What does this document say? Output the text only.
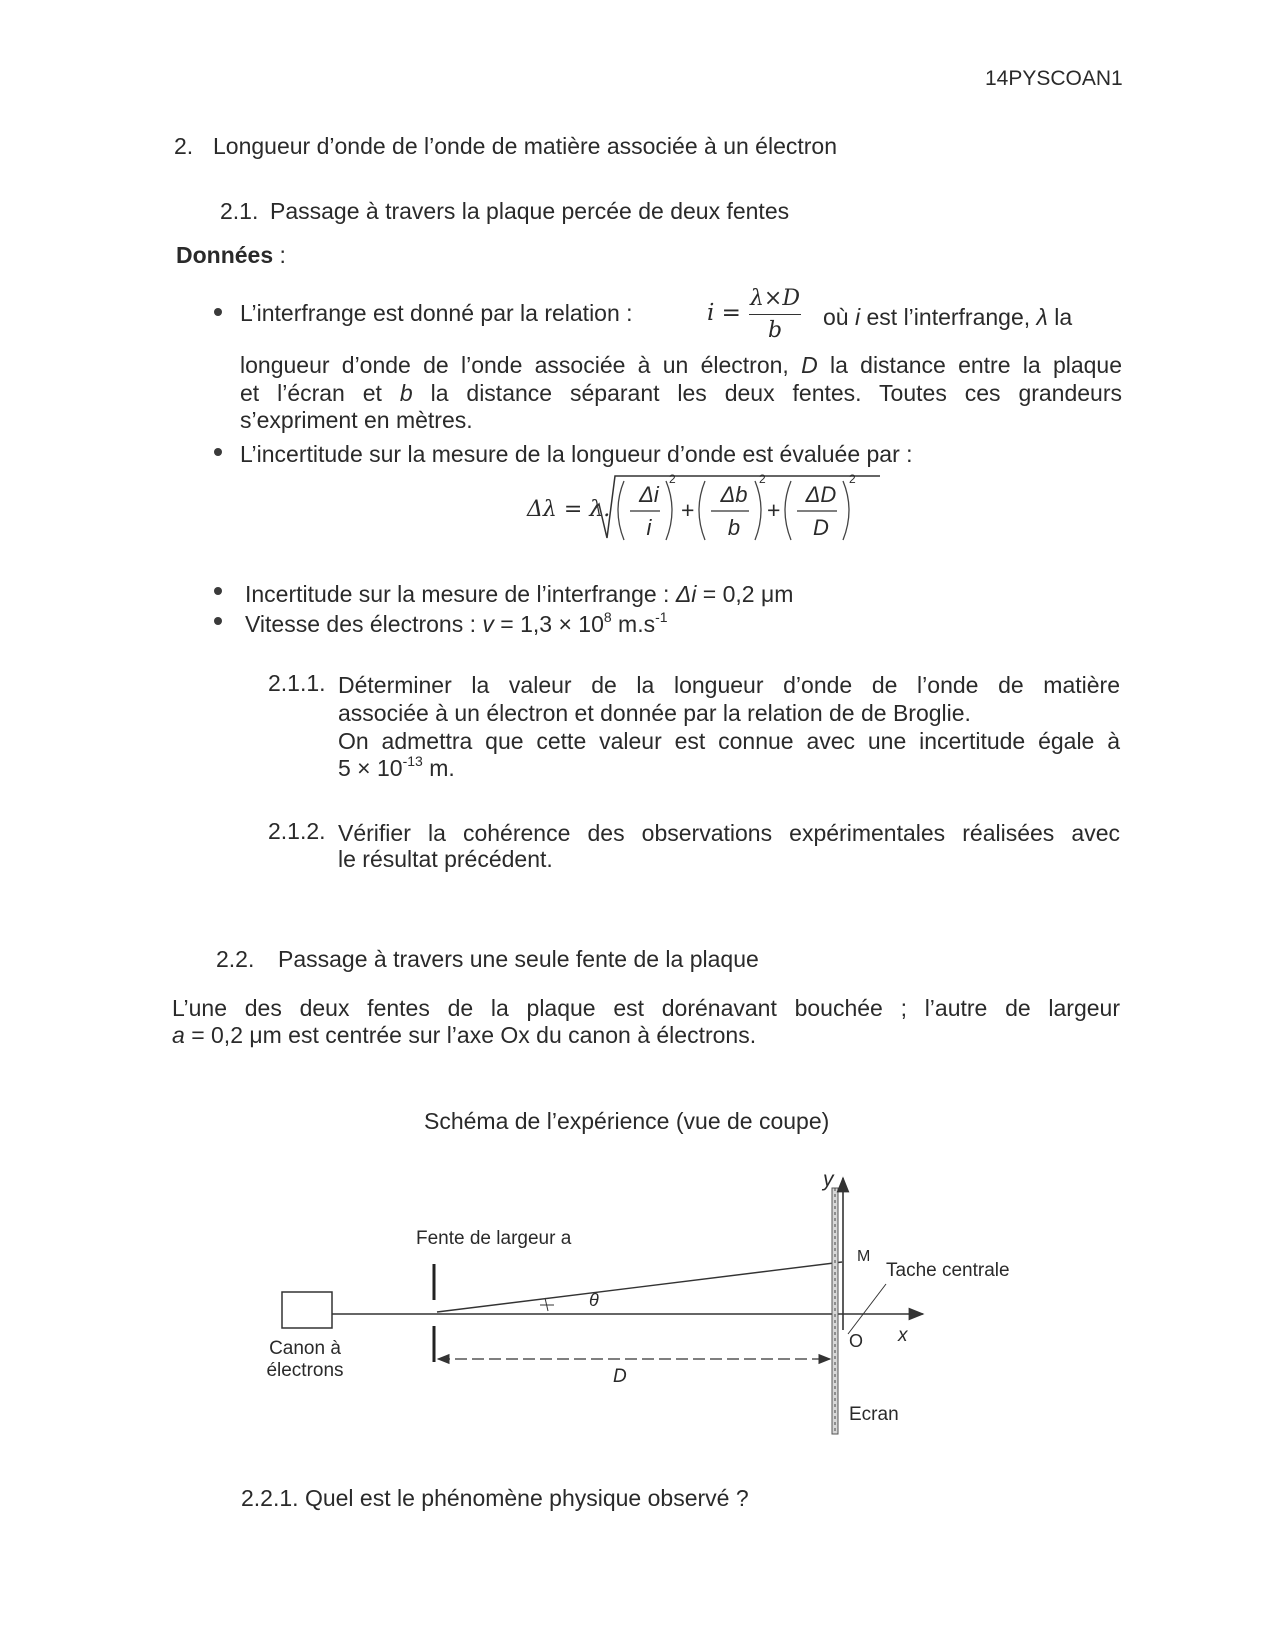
14PYSCOAN1
2. Longueur d’onde de l’onde de matière associée à un électron
2.1. Passage à travers la plaque percée de deux fentes
Données :
L’interfrange est donné par la relation :	i =
λ×D
b
où i est l’interfrange, λ la
longueur d’onde de l’onde associée à un électron, D la distance entre la plaque
et l’écran et b la distance séparant les deux fentes. Toutes ces grandeurs
s’expriment en mètres.
L’incertitude sur la mesure de la longueur d’onde est évaluée par :
Δλ = λ.
Δi
i
2
+
Δb
b
2
+
ΔD
D
2
Incertitude sur la mesure de l’interfrange : Δi = 0,2 μm
Vitesse des électrons : $v = 1,3 \times 10^8$ $m.s^{-1}$
2.1.1. Déterminer la valeur de la longueur d’onde de l’onde de matière
associée à un électron et donnée par la relation de de Broglie.
On admettra que cette valeur est connue avec une incertitude égale à
$5 \times 10^{-13}$ m.
2.1.2. Vérifier la cohérence des observations expérimentales réalisées avec
le résultat précédent.
2.2. Passage à travers une seule fente de la plaque
L’une des deux fentes de la plaque est dorénavant bouchée ; l’autre de largeur
a = 0,2 μm est centrée sur l’axe Ox du canon à électrons.
Schéma de l’expérience (vue de coupe)
Canon à
électrons
Fente de largeur a
θ
D
y
x
O
M
Tache centrale
Ecran
2.2.1. Quel est le phénomène physique observé ?
